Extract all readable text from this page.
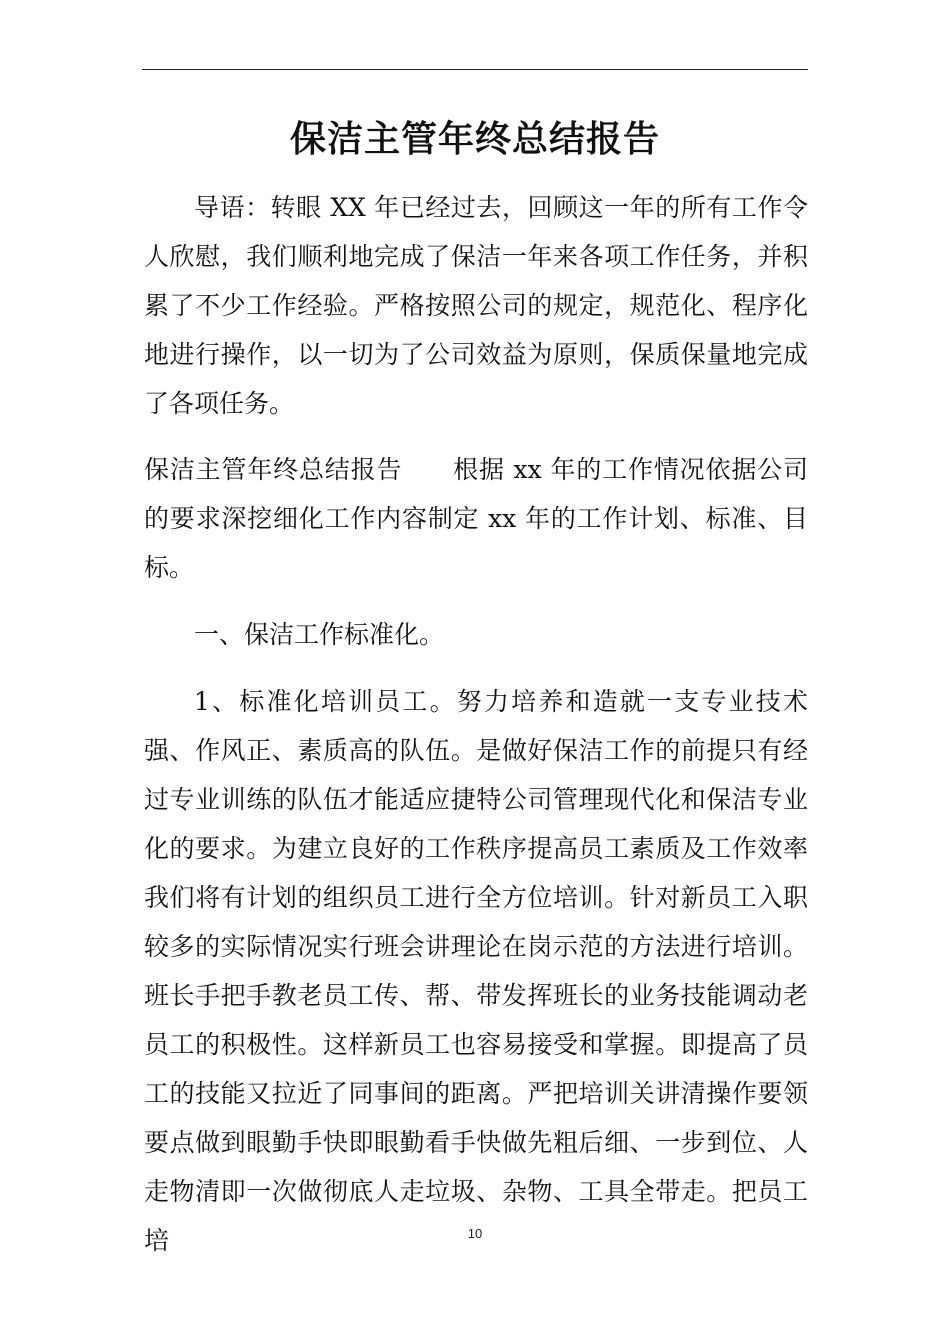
保洁主管年终总结报告

导语：转眼 XX 年已经过去，回顾这一年的所有工作令人欣慰，我们顺利地完成了保洁一年来各项工作任务，并积累了不少工作经验。严格按照公司的规定，规范化、程序化地进行操作，以一切为了公司效益为原则，保质保量地完成了各项任务。

保洁主管年终总结报告 根据 xx 年的工作情况依据公司的要求深挖细化工作内容制定 xx 年的工作计划、标准、目标。

一、保洁工作标准化。

1、标准化培训员工。努力培养和造就一支专业技术强、作风正、素质高的队伍。是做好保洁工作的前提只有经过专业训练的队伍才能适应捷特公司管理现代化和保洁专业化的要求。为建立良好的工作秩序提高员工素质及工作效率我们将有计划的组织员工进行全方位培训。针对新员工入职较多的实际情况实行班会讲理论在岗示范的方法进行培训。班长手把手教老员工传、帮、带发挥班长的业务技能调动老员工的积极性。这样新员工也容易接受和掌握。即提高了员工的技能又拉近了同事间的距离。严把培训关讲清操作要领要点做到眼勤手快即眼勤看手快做先粗后细、一步到位、人走物清即一次做彻底人走垃圾、杂物、工具全带走。把员工培	10
